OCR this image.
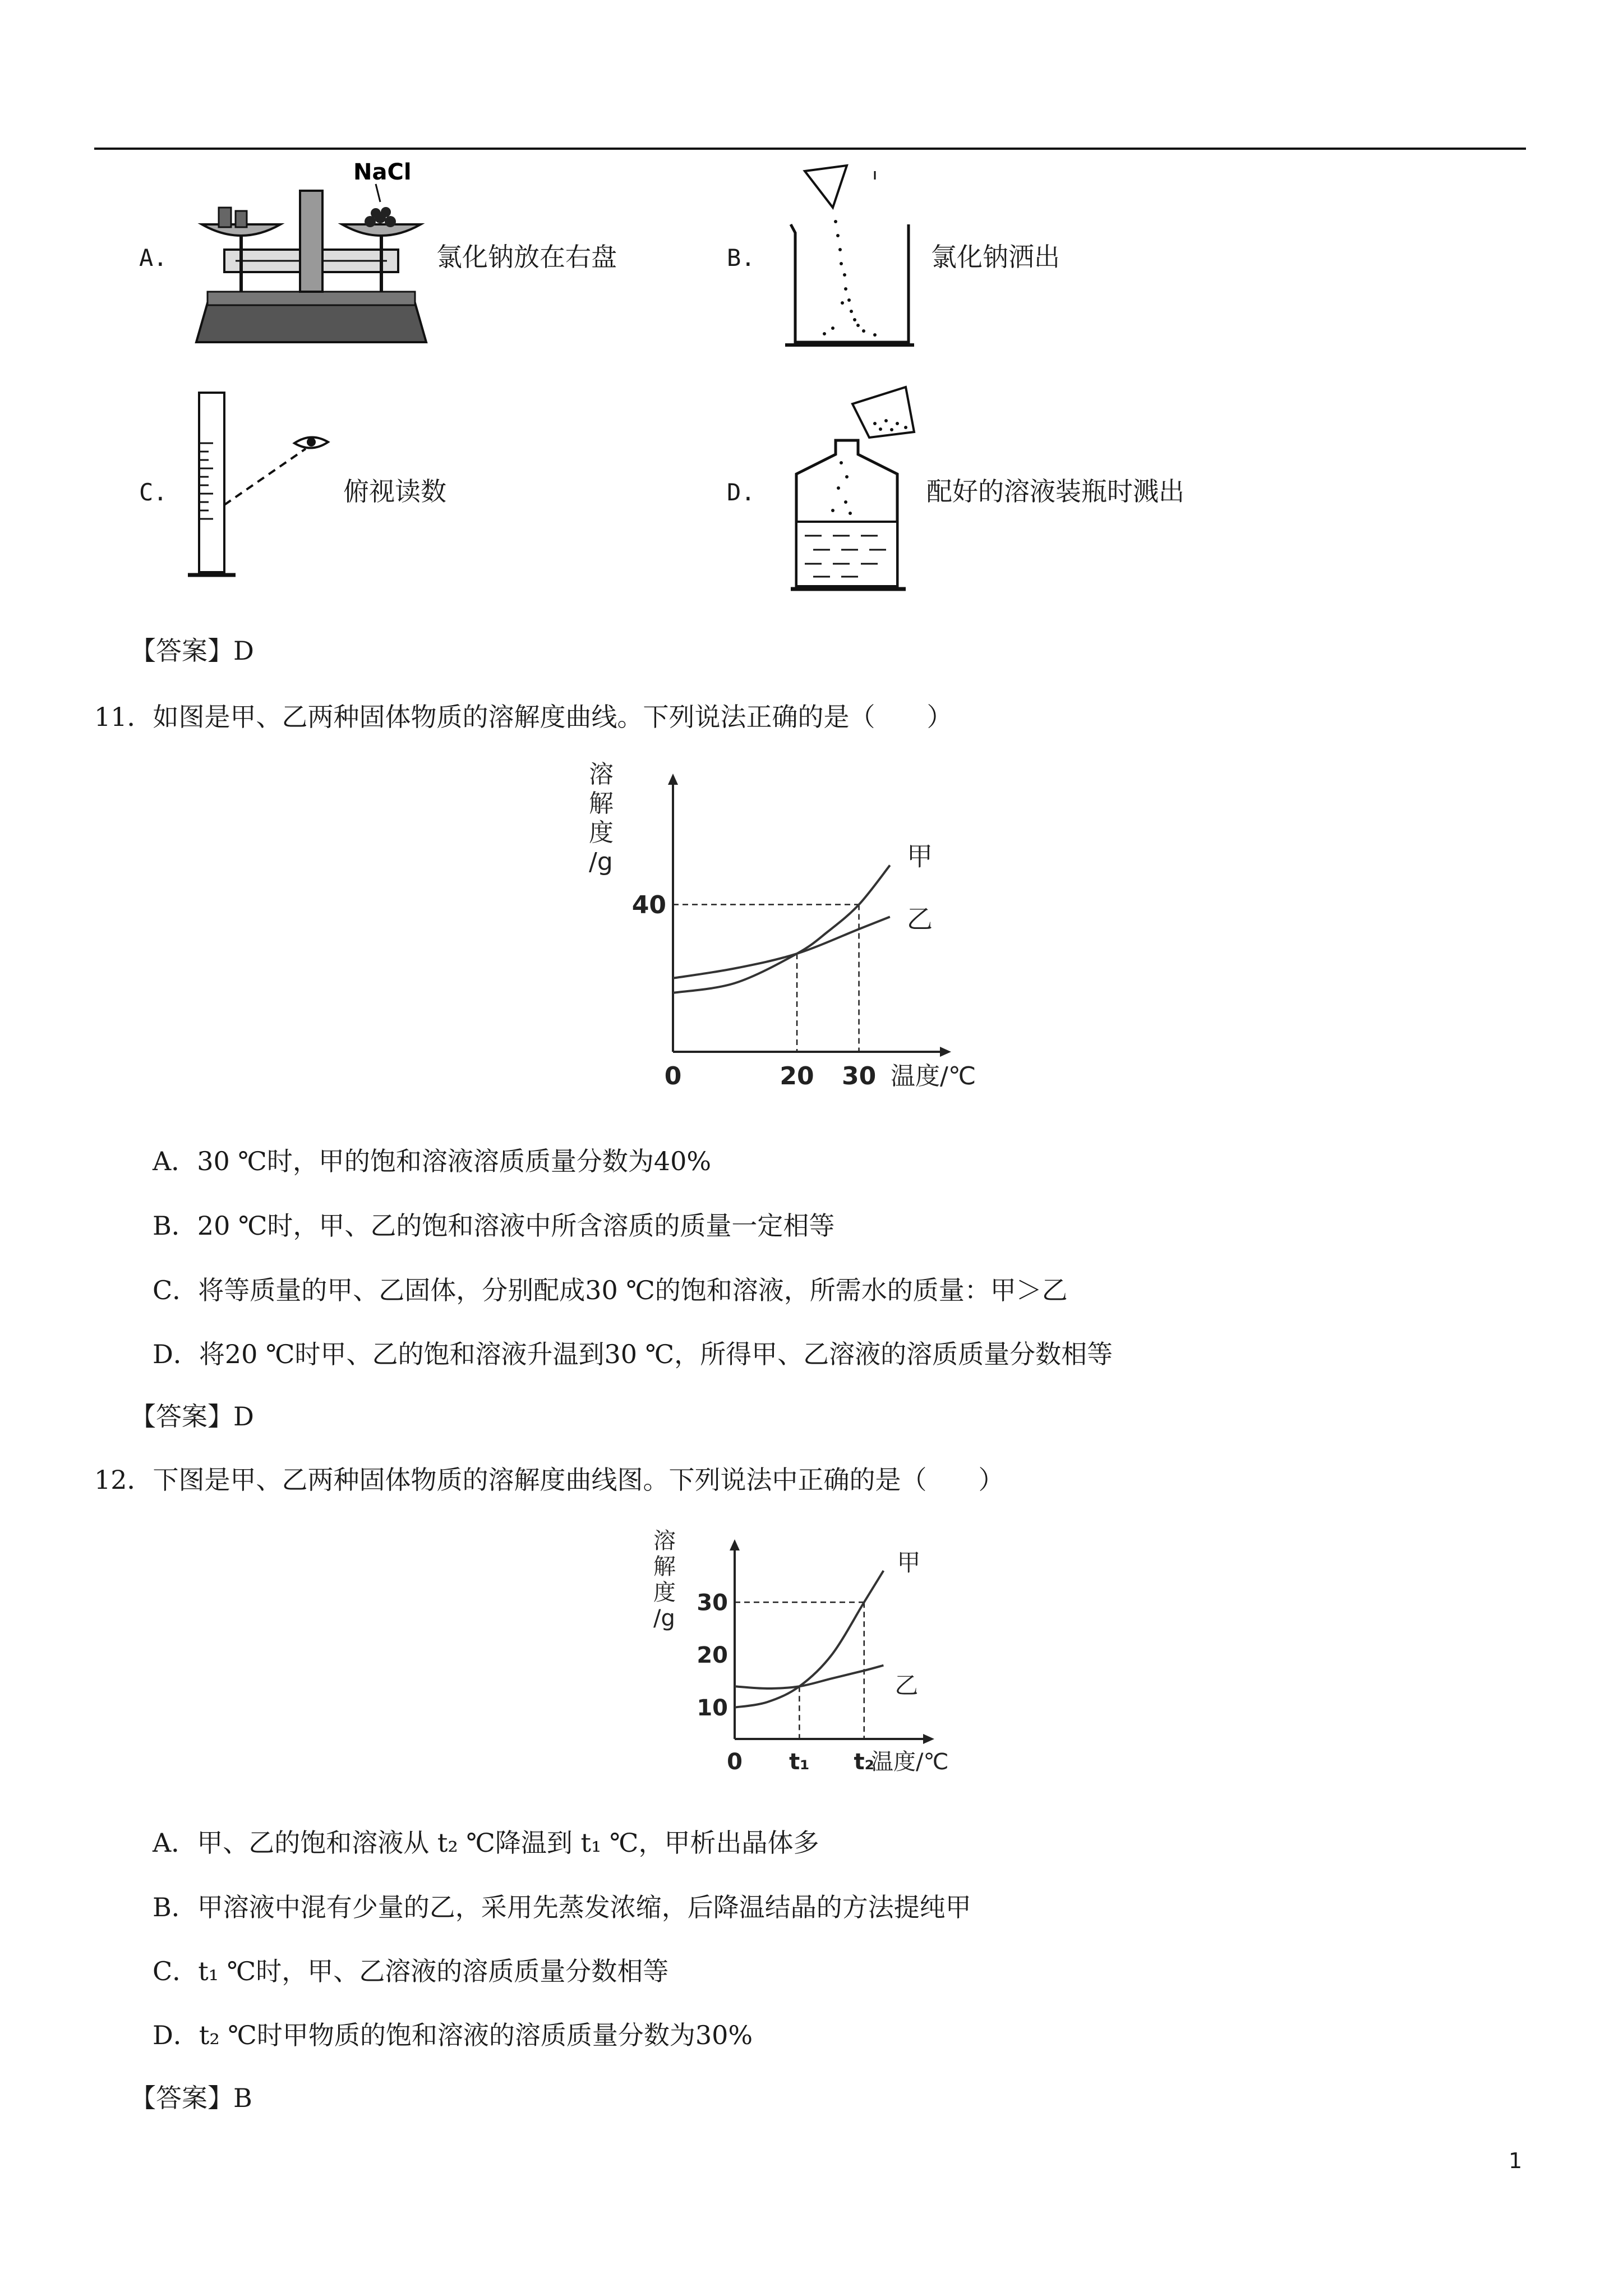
A.
NaCl
氯化钠放在右盘	B.	氯化钠洒出
C.	俯视读数	D.	配好的溶液装瓶时溅出
【答案】D
11．如图是甲、乙两种固体物质的溶解度曲线。下列说法正确的是（　　）
溶
解
度
/g
40
0	20 30 温度/℃
甲
乙
A．30 ℃时，甲的饱和溶液溶质质量分数为40%
B．20 ℃时，甲、乙的饱和溶液中所含溶质的质量一定相等
C．将等质量的甲、乙固体，分别配成30 ℃的饱和溶液，所需水的质量：甲＞乙
D．将20 ℃时甲、乙的饱和溶液升温到30 ℃，所得甲、乙溶液的溶质质量分数相等
【答案】D
12．下图是甲、乙两种固体物质的溶解度曲线图。下列说法中正确的是（　　）
溶
解
度
/g
10
20
30
0 t₁ t₂
温度/℃
甲
乙
A．甲、乙的饱和溶液从 t₂ ℃降温到 t₁ ℃，甲析出晶体多
B．甲溶液中混有少量的乙，采用先蒸发浓缩，后降温结晶的方法提纯甲
C．t₁ ℃时，甲、乙溶液的溶质质量分数相等
D．t₂ ℃时甲物质的饱和溶液的溶质质量分数为30%
【答案】B
1
